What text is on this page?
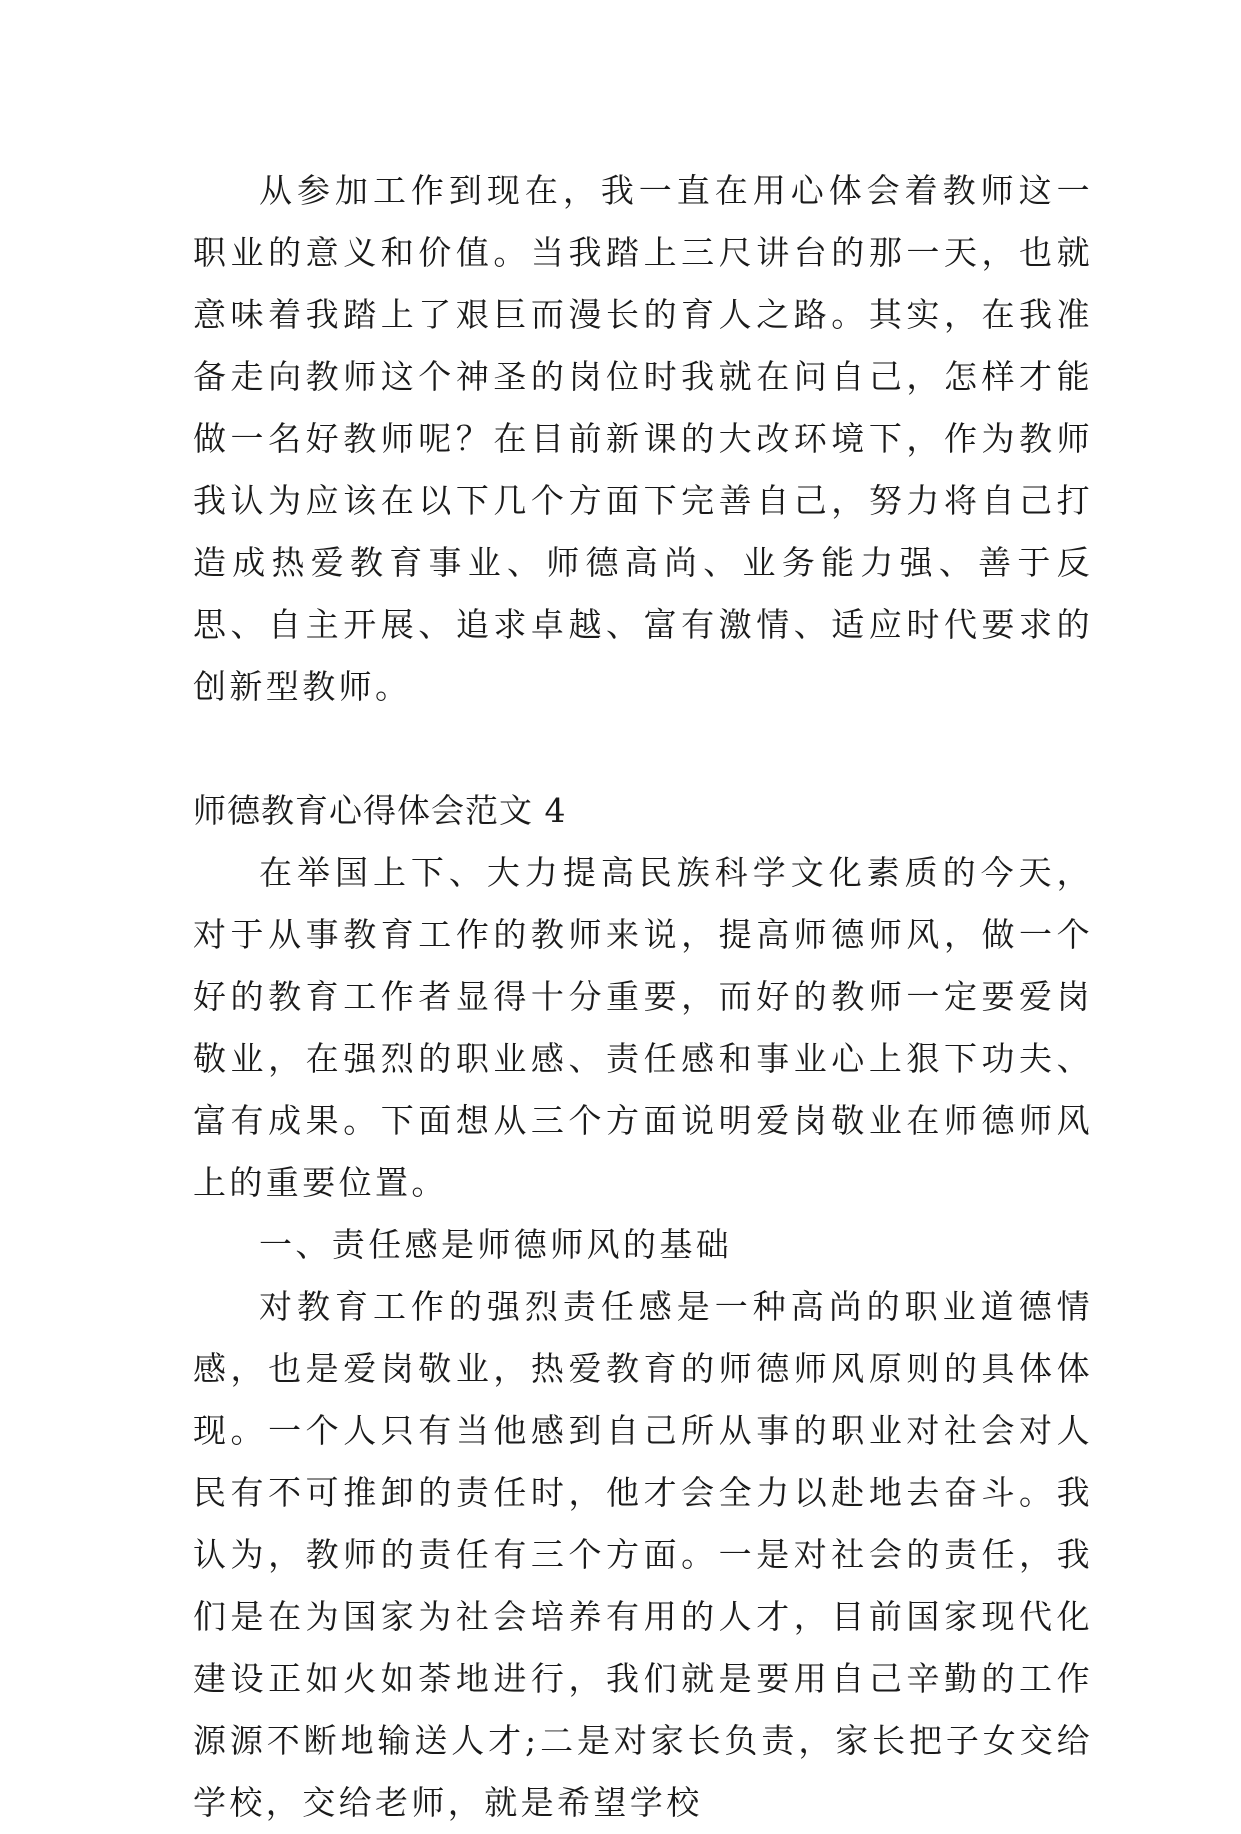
从参加工作到现在，我一直在用心体会着教师这一职业的意义和价值。当我踏上三尺讲台的那一天，也就意味着我踏上了艰巨而漫长的育人之路。其实，在我准备走向教师这个神圣的岗位时我就在问自己，怎样才能做一名好教师呢？在目前新课的大改环境下，作为教师我认为应该在以下几个方面下完善自己，努力将自己打造成热爱教育事业、师德高尚、业务能力强、善于反思、自主开展、追求卓越、富有激情、适应时代要求的创新型教师。

师德教育心得体会范文 4

在举国上下、大力提高民族科学文化素质的今天，对于从事教育工作的教师来说，提高师德师风，做一个好的教育工作者显得十分重要，而好的教师一定要爱岗敬业，在强烈的职业感、责任感和事业心上狠下功夫、富有成果。下面想从三个方面说明爱岗敬业在师德师风上的重要位置。

一、责任感是师德师风的基础

对教育工作的强烈责任感是一种高尚的职业道德情感，也是爱岗敬业，热爱教育的师德师风原则的具体体现。一个人只有当他感到自己所从事的职业对社会对人民有不可推卸的责任时，他才会全力以赴地去奋斗。我认为，教师的责任有三个方面。一是对社会的责任，我们是在为国家为社会培养有用的人才，目前国家现代化建设正如火如荼地进行，我们就是要用自己辛勤的工作源源不断地输送人才;二是对家长负责，家长把子女交给学校，交给老师，就是希望学校
